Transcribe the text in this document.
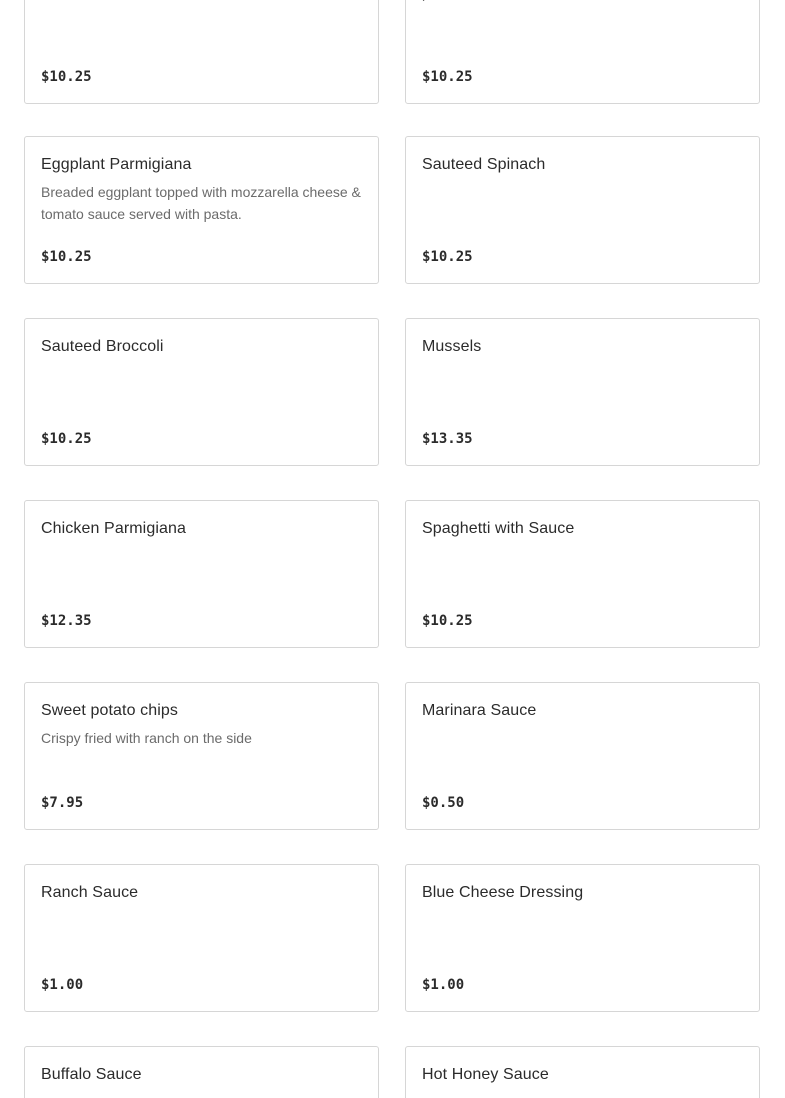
$10.25	$10.25
Eggplant Parmigiana
Breaded eggplant topped with mozzarella cheese & tomato sauce served with pasta.
$10.25
Sauteed Spinach
$10.25
Sauteed Broccoli
$10.25
Mussels
$13.35
Chicken Parmigiana
$12.35
Spaghetti with Sauce
$10.25
Sweet potato chips
Crispy fried with ranch on the side
$7.95
Marinara Sauce
$0.50
Ranch Sauce
$1.00
Blue Cheese Dressing
$1.00
Buffalo Sauce	Hot Honey Sauce
